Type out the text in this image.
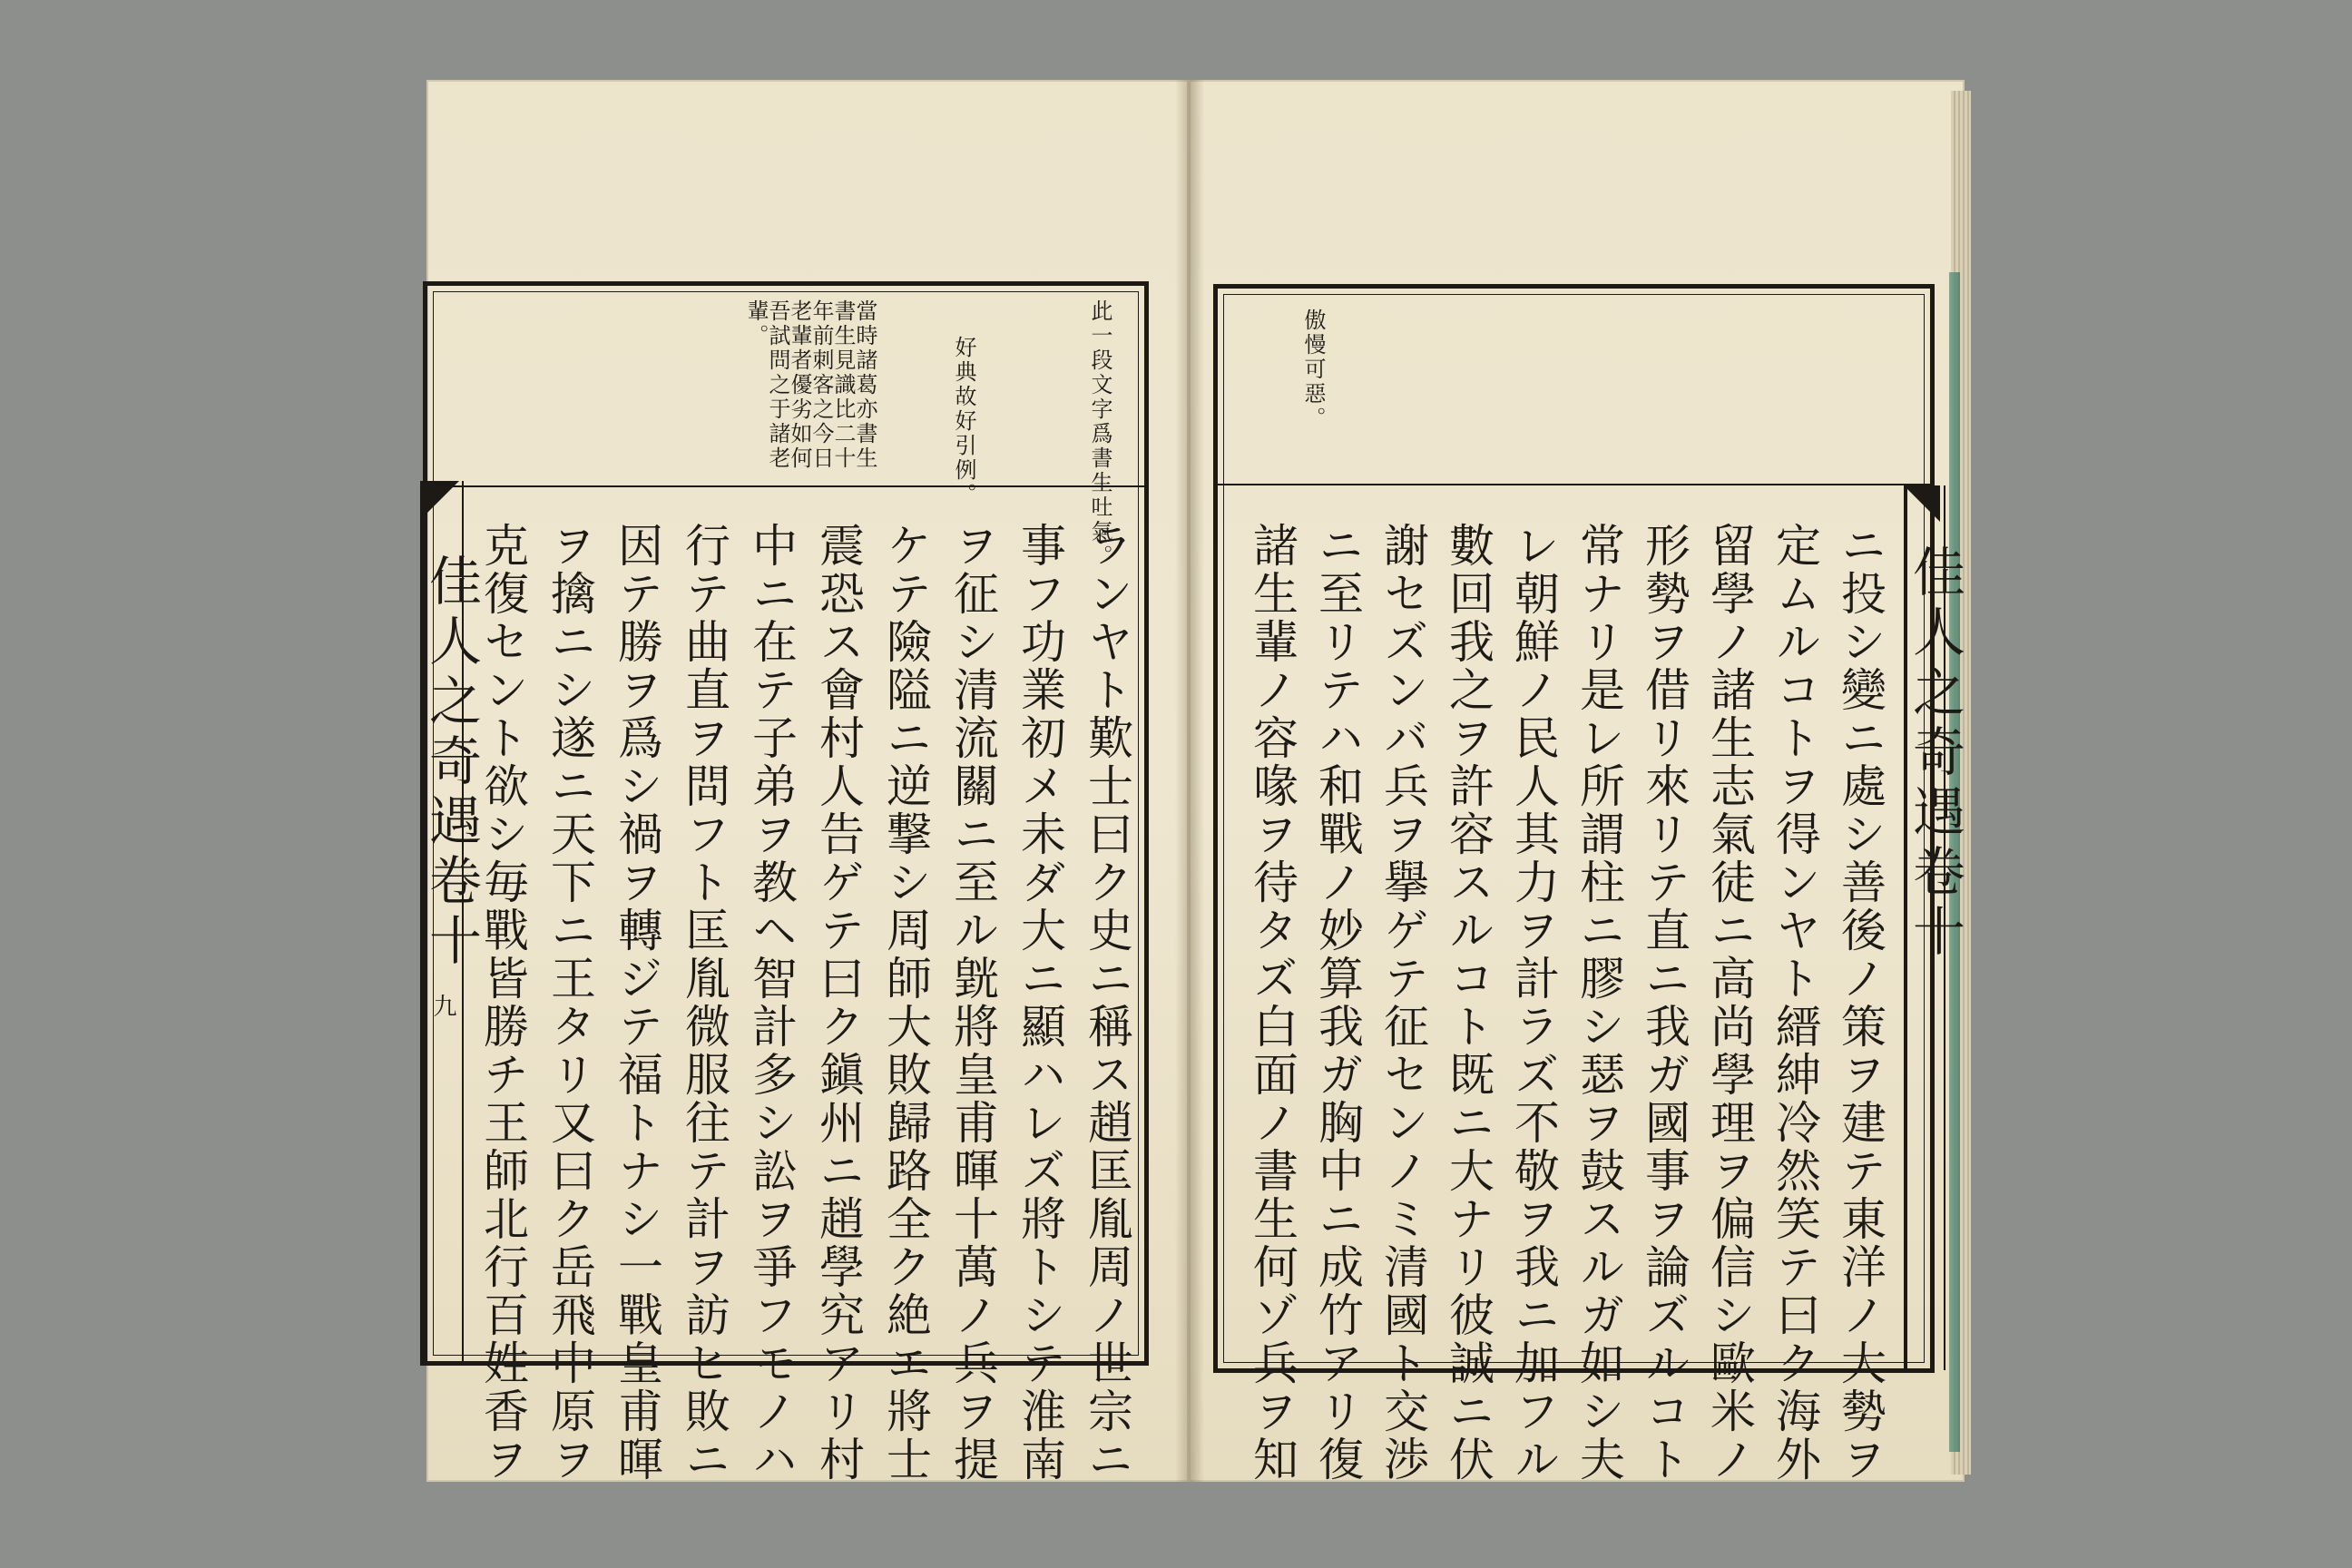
佳人之奇遇卷十
九
此一段文字爲書生吐氣。
好典故好引例。
當時諸葛亦書生書生見識比二十年前刺客之今日老輩者優劣如何吾試問之于諸老輩。
ランヤト歎士曰ク史ニ稱ス趙匡胤周ノ世宗ニ
事フ功業初メ未ダ大ニ顯ハレズ將トシテ淮南
ヲ征シ清流關ニ至ル皝將皇甫暉十萬ノ兵ヲ提
ケテ險隘ニ逆撃シ周師大敗歸路全ク絶エ將士
震恐ス會村人告ゲテ曰ク鎭州ニ趙學究アリ村
中ニ在テ子弟ヲ教ヘ智計多シ訟ヲ爭フモノハ
行テ曲直ヲ問フト匡胤微服往テ計ヲ訪ヒ敗ニ
因テ勝ヲ爲シ禍ヲ轉ジテ福トナシ一戰皇甫暉
ヲ擒ニシ遂ニ天下ニ王タリ又曰ク岳飛中原ヲ
克復セント欲シ毎戰皆勝チ王師北行百姓香ヲ	佳人之奇遇卷十
傲慢可惡。
ニ投シ變ニ處シ善後ノ策ヲ建テ東洋ノ大勢ヲ
定ムルコトヲ得ンヤト縉紳冷然笑テ曰ク海外
留學ノ諸生志氣徒ニ高尚學理ヲ偏信シ歐米ノ
形勢ヲ借リ來リテ直ニ我ガ國事ヲ論ズルコト
常ナリ是レ所謂柱ニ膠シ瑟ヲ鼓スルガ如シ夫
レ朝鮮ノ民人其力ヲ計ラズ不敬ヲ我ニ加フル
數回我之ヲ許容スルコト既ニ大ナリ彼誠ニ伏
謝セズンバ兵ヲ擧ゲテ征センノミ清國ト交渉
ニ至リテハ和戰ノ妙算我ガ胸中ニ成竹アリ復
諸生輩ノ容喙ヲ待タズ白面ノ書生何ゾ兵ヲ知
